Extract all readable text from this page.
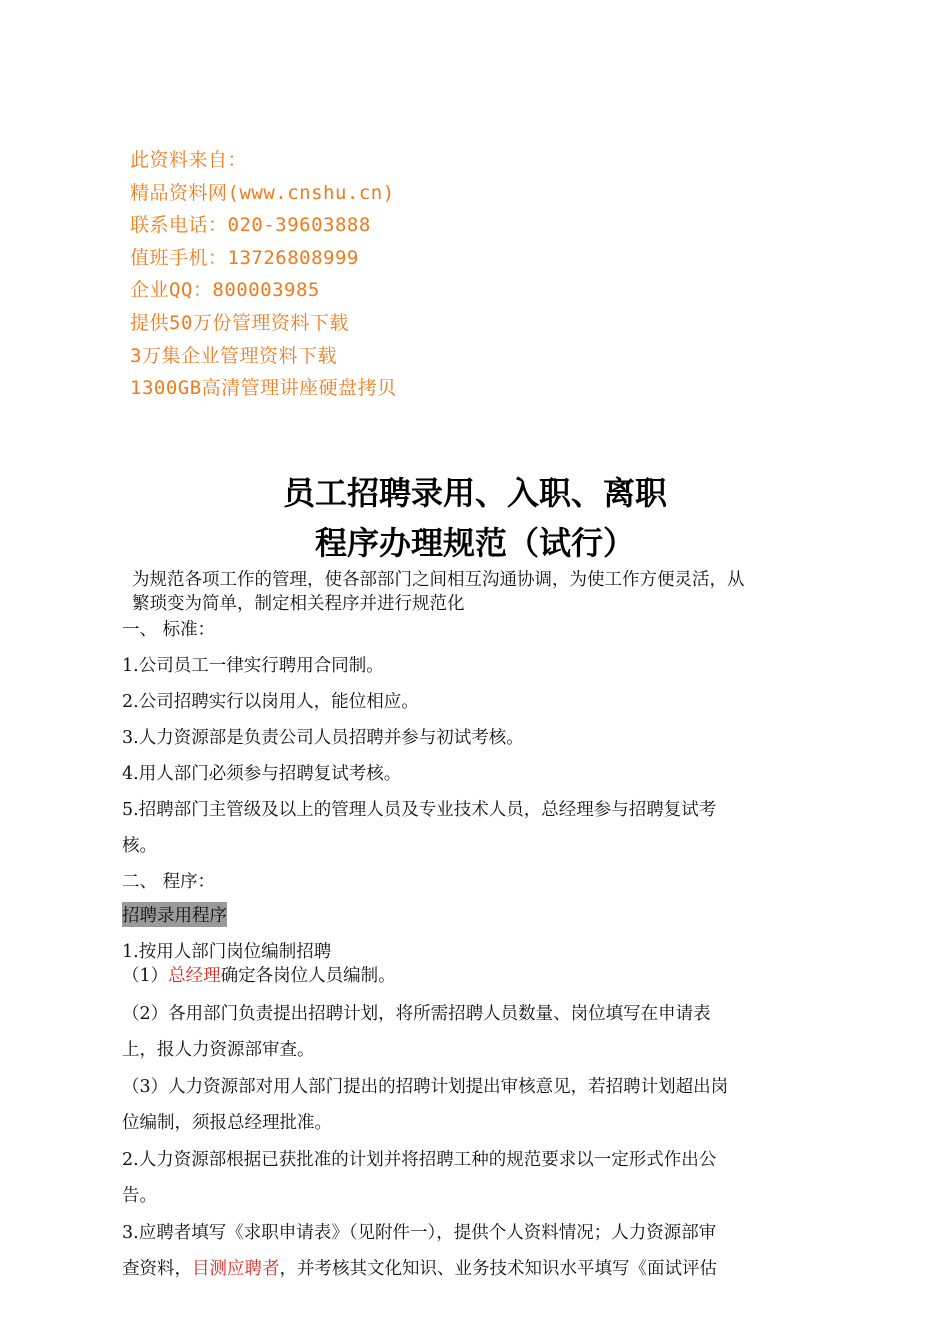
此资料来自：
精品资料网(www.cnshu.cn)
联系电话：020-39603888
值班手机：13726808999
企业QQ：800003985
提供50万份管理资料下载
3万集企业管理资料下载
1300GB高清管理讲座硬盘拷贝
员工招聘录用、入职、离职
程序办理规范（试行）
为规范各项工作的管理，使各部部门之间相互沟通协调，为使工作方便灵活，从
繁琐变为简单，制定相关程序并进行规范化
一、 标准：
1.公司员工一律实行聘用合同制。
2.公司招聘实行以岗用人，能位相应。
3.人力资源部是负责公司人员招聘并参与初试考核。
4.用人部门必须参与招聘复试考核。
5.招聘部门主管级及以上的管理人员及专业技术人员，总经理参与招聘复试考
核。
二、 程序：
招聘录用程序
1.按用人部门岗位编制招聘
（1）总经理确定各岗位人员编制。
（2）各用部门负责提出招聘计划，将所需招聘人员数量、岗位填写在申请表
上，报人力资源部审查。
（3）人力资源部对用人部门提出的招聘计划提出审核意见，若招聘计划超出岗
位编制，须报总经理批准。
2.人力资源部根据已获批准的计划并将招聘工种的规范要求以一定形式作出公
告。
3.应聘者填写《求职申请表》（见附件一），提供个人资料情况；人力资源部审
查资料，目测应聘者，并考核其文化知识、业务技术知识水平填写《面试评估
